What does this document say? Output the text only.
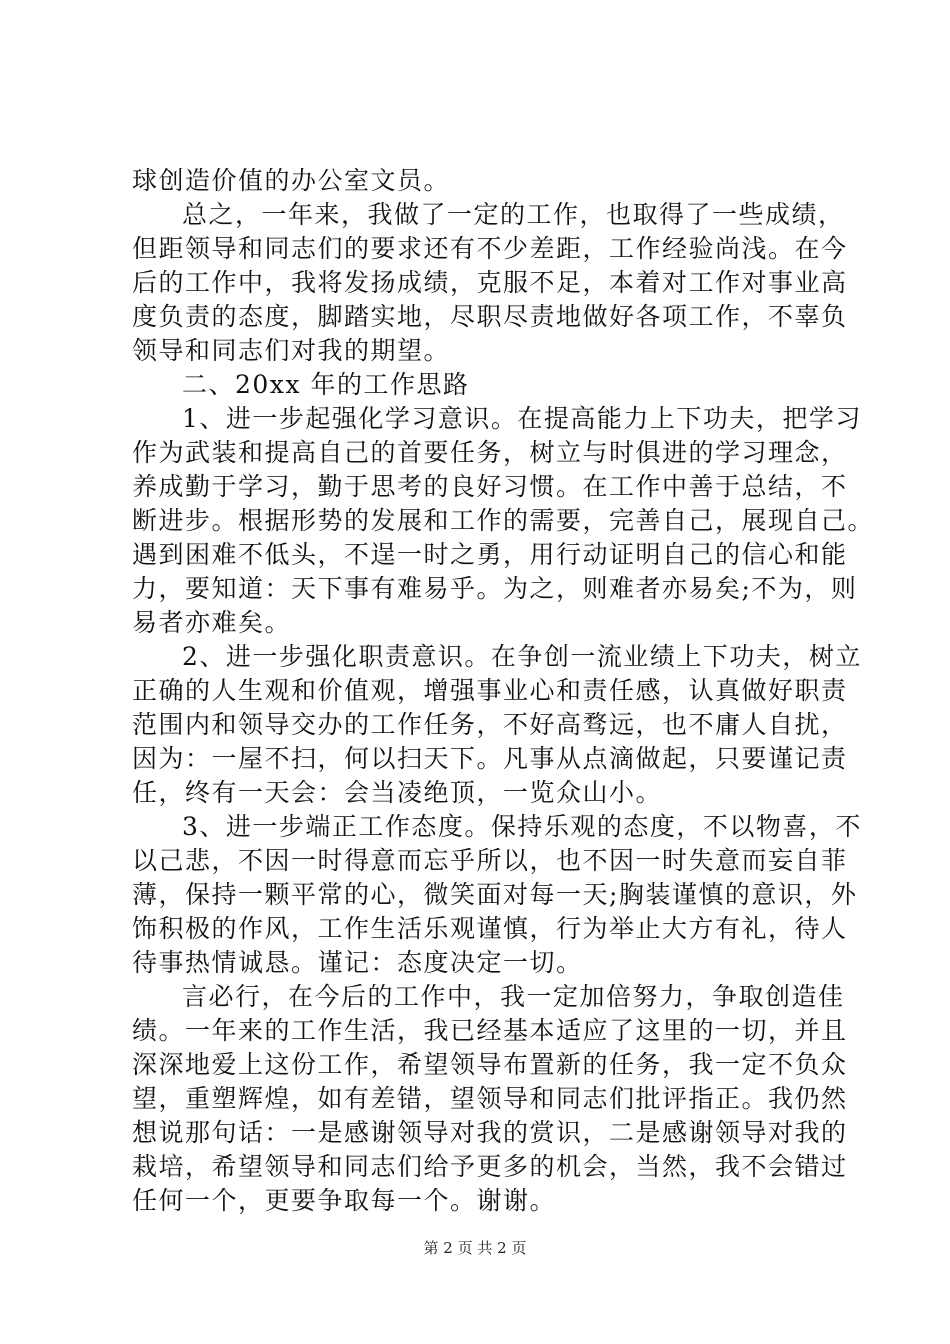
球创造价值的办公室文员。
总之，一年来，我做了一定的工作，也取得了一些成绩，
但距领导和同志们的要求还有不少差距，工作经验尚浅。在今
后的工作中，我将发扬成绩，克服不足，本着对工作对事业高
度负责的态度，脚踏实地，尽职尽责地做好各项工作，不辜负
领导和同志们对我的期望。
二、20xx 年的工作思路
1、进一步起强化学习意识。在提高能力上下功夫，把学习
作为武装和提高自己的首要任务，树立与时俱进的学习理念，
养成勤于学习，勤于思考的良好习惯。在工作中善于总结，不
断进步。根据形势的发展和工作的需要，完善自己，展现自己。
遇到困难不低头，不逞一时之勇，用行动证明自己的信心和能
力，要知道：天下事有难易乎。为之，则难者亦易矣;不为，则
易者亦难矣。
2、进一步强化职责意识。在争创一流业绩上下功夫，树立
正确的人生观和价值观，增强事业心和责任感，认真做好职责
范围内和领导交办的工作任务，不好高骛远，也不庸人自扰，
因为：一屋不扫，何以扫天下。凡事从点滴做起，只要谨记责
任，终有一天会：会当凌绝顶，一览众山小。
3、进一步端正工作态度。保持乐观的态度，不以物喜，不
以己悲，不因一时得意而忘乎所以，也不因一时失意而妄自菲
薄，保持一颗平常的心，微笑面对每一天;胸装谨慎的意识，外
饰积极的作风，工作生活乐观谨慎，行为举止大方有礼，待人
待事热情诚恳。谨记：态度决定一切。
言必行，在今后的工作中，我一定加倍努力，争取创造佳
绩。一年来的工作生活，我已经基本适应了这里的一切，并且
深深地爱上这份工作，希望领导布置新的任务，我一定不负众
望，重塑辉煌，如有差错，望领导和同志们批评指正。我仍然
想说那句话：一是感谢领导对我的赏识，二是感谢领导对我的
栽培，希望领导和同志们给予更多的机会，当然，我不会错过
任何一个，更要争取每一个。谢谢。
第 2 页 共 2 页
